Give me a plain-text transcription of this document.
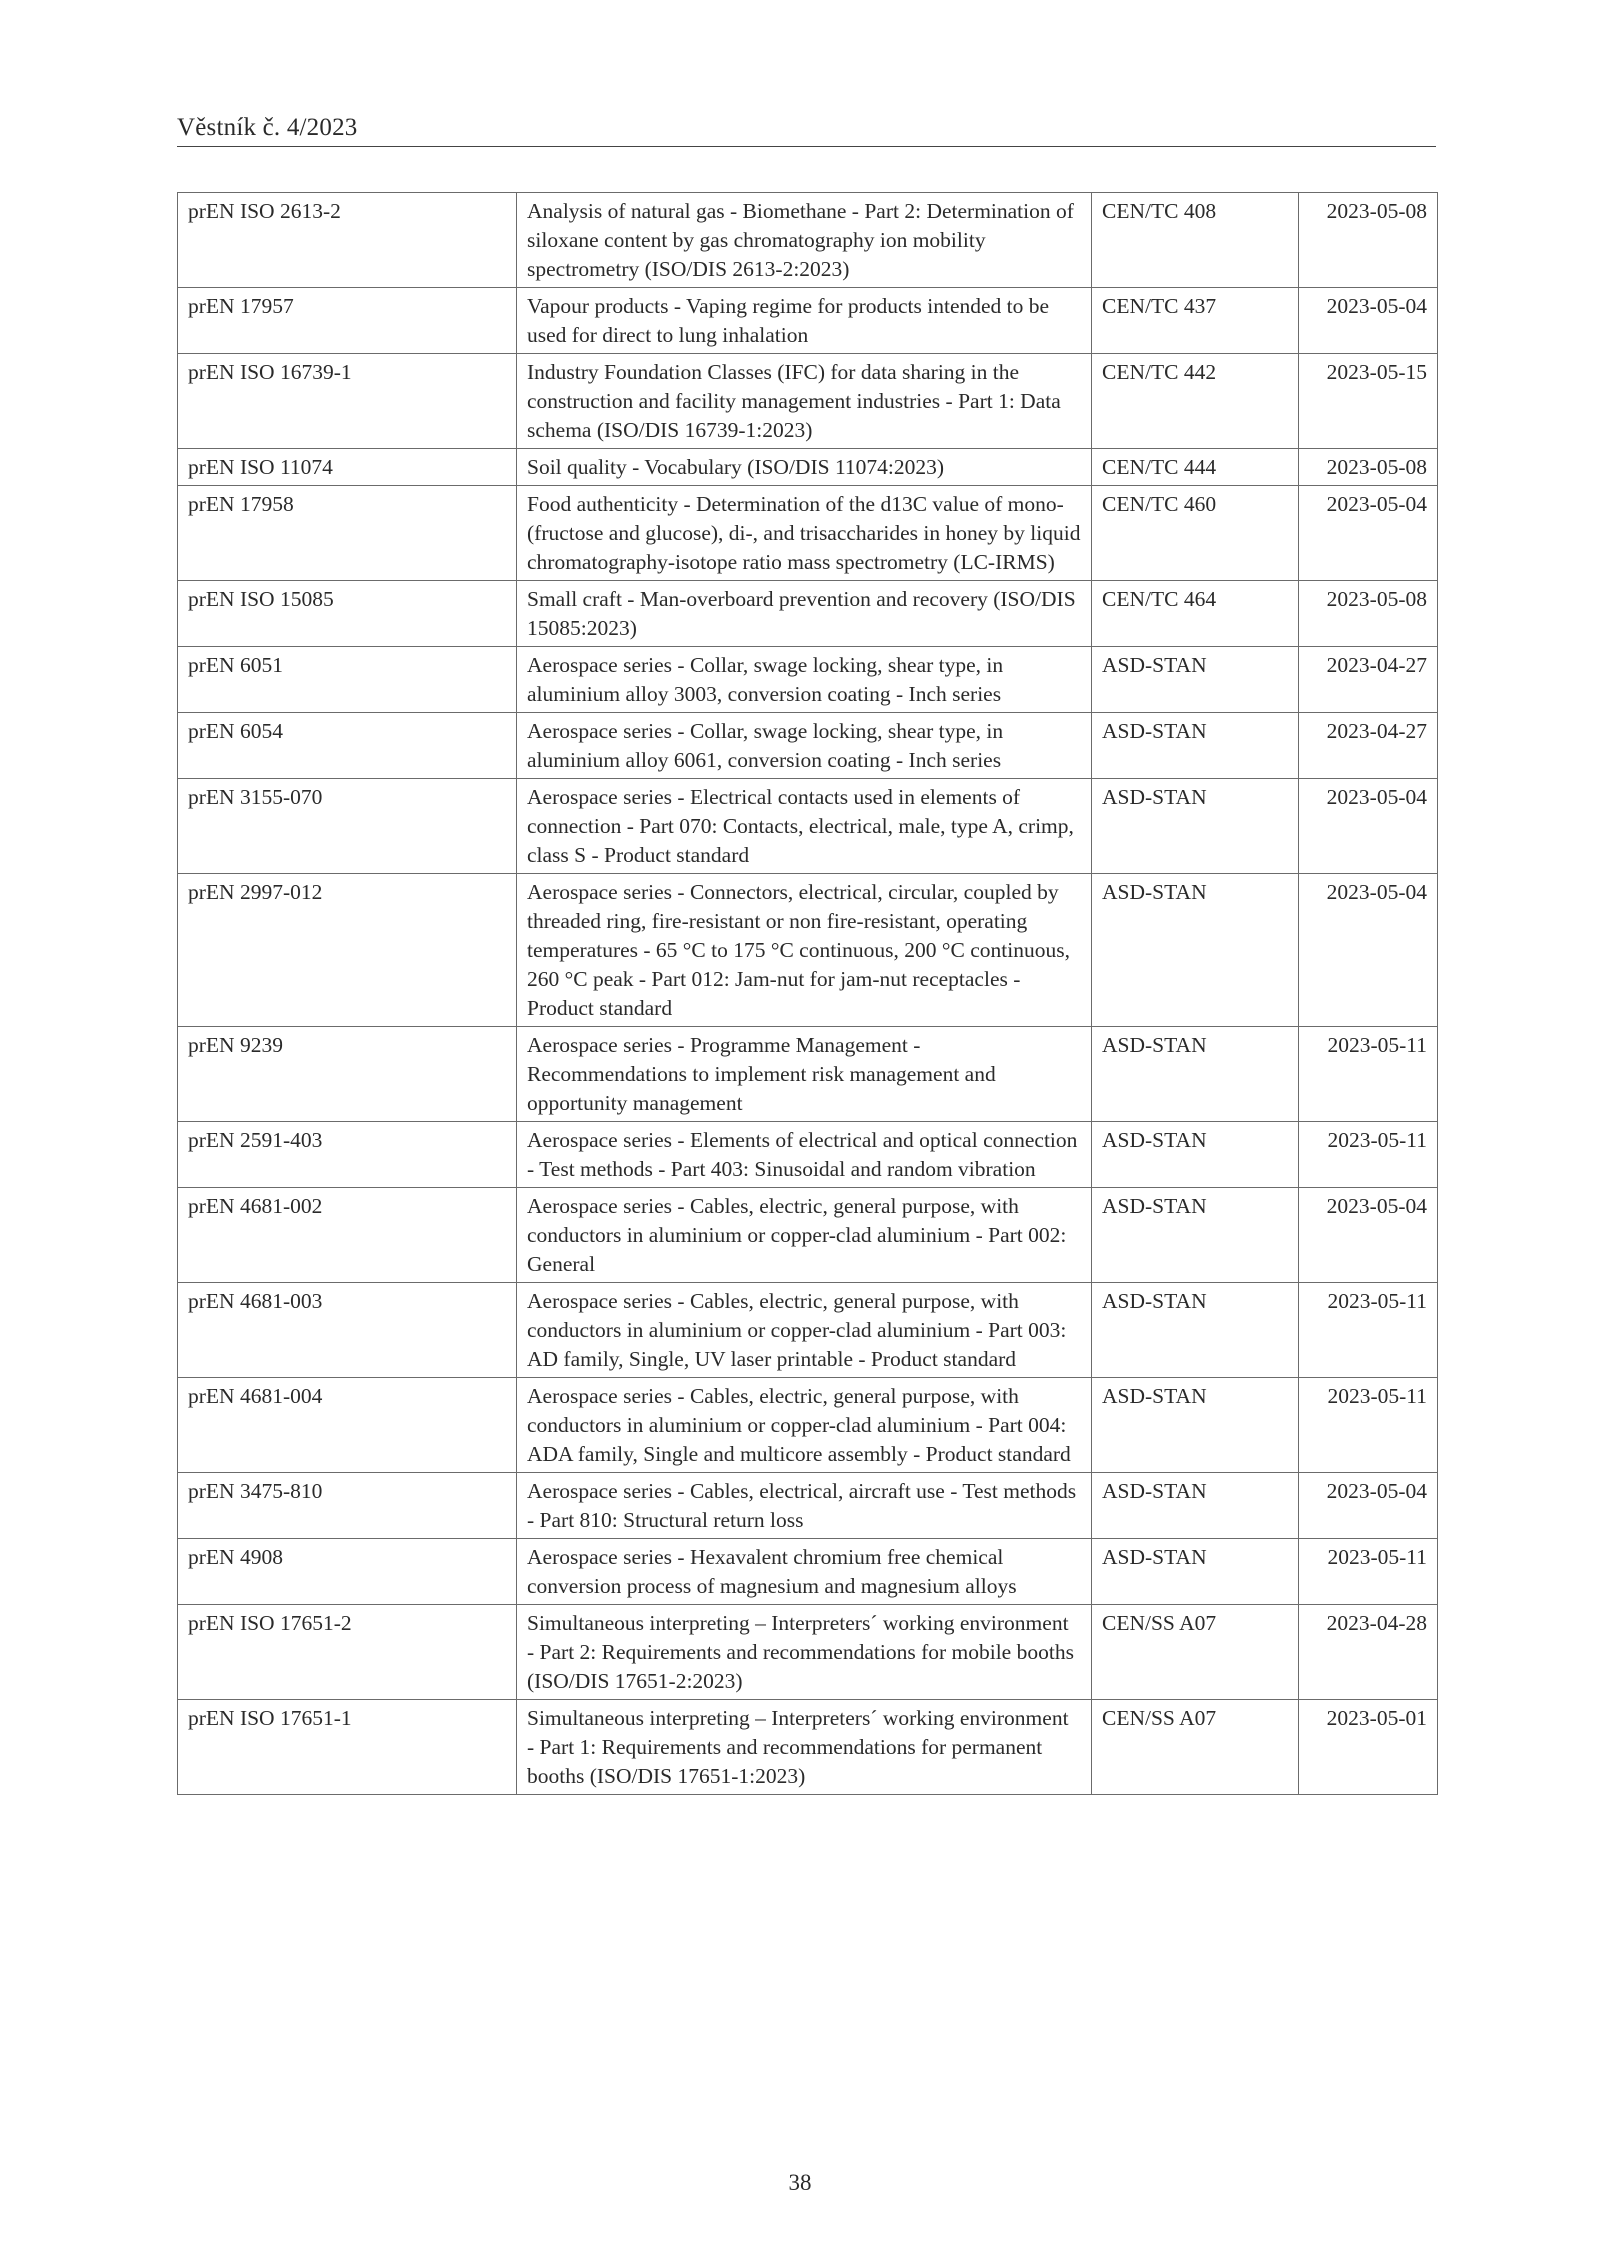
Věstník č. 4/2023
prEN ISO 2613-2	Analysis of natural gas - Biomethane - Part 2: Determination of siloxane content by gas chromatography ion mobility spectrometry (ISO/DIS 2613-2:2023)	CEN/TC 408	2023-05-08
prEN 17957	Vapour products - Vaping regime for products intended to be used for direct to lung inhalation	CEN/TC 437	2023-05-04
prEN ISO 16739-1	Industry Foundation Classes (IFC) for data sharing in the construction and facility management industries - Part 1: Data schema (ISO/DIS 16739-1:2023)	CEN/TC 442	2023-05-15
prEN ISO 11074	Soil quality - Vocabulary (ISO/DIS 11074:2023)	CEN/TC 444	2023-05-08
prEN 17958	Food authenticity - Determination of the d13C value of mono- (fructose and glucose), di-, and trisaccharides in honey by liquid chromatography-isotope ratio mass spectrometry (LC-IRMS)	CEN/TC 460	2023-05-04
prEN ISO 15085	Small craft - Man-overboard prevention and recovery (ISO/DIS 15085:2023)	CEN/TC 464	2023-05-08
prEN 6051	Aerospace series - Collar, swage locking, shear type, in aluminium alloy 3003, conversion coating - Inch series	ASD-STAN	2023-04-27
prEN 6054	Aerospace series - Collar, swage locking, shear type, in aluminium alloy 6061, conversion coating - Inch series	ASD-STAN	2023-04-27
prEN 3155-070	Aerospace series - Electrical contacts used in elements of connection - Part 070: Contacts, electrical, male, type A, crimp, class S - Product standard	ASD-STAN	2023-05-04
prEN 2997-012	Aerospace series - Connectors, electrical, circular, coupled by threaded ring, fire-resistant or non fire-resistant, operating temperatures - 65 °C to 175 °C continuous, 200 °C continuous, 260 °C peak - Part 012: Jam-nut for jam-nut receptacles - Product standard	ASD-STAN	2023-05-04
prEN 9239	Aerospace series - Programme Management - Recommendations to implement risk management and opportunity management	ASD-STAN	2023-05-11
prEN 2591-403	Aerospace series - Elements of electrical and optical connection - Test methods - Part 403: Sinusoidal and random vibration	ASD-STAN	2023-05-11
prEN 4681-002	Aerospace series - Cables, electric, general purpose, with conductors in aluminium or copper-clad aluminium - Part 002: General	ASD-STAN	2023-05-04
prEN 4681-003	Aerospace series - Cables, electric, general purpose, with conductors in aluminium or copper-clad aluminium - Part 003: AD family, Single, UV laser printable - Product standard	ASD-STAN	2023-05-11
prEN 4681-004	Aerospace series - Cables, electric, general purpose, with conductors in aluminium or copper-clad aluminium - Part 004: ADA family, Single and multicore assembly - Product standard	ASD-STAN	2023-05-11
prEN 3475-810	Aerospace series - Cables, electrical, aircraft use - Test methods - Part 810: Structural return loss	ASD-STAN	2023-05-04
prEN 4908	Aerospace series - Hexavalent chromium free chemical conversion process of magnesium and magnesium alloys	ASD-STAN	2023-05-11
prEN ISO 17651-2	Simultaneous interpreting – Interpreters´ working environment - Part 2: Requirements and recommendations for mobile booths (ISO/DIS 17651-2:2023)	CEN/SS A07	2023-04-28
prEN ISO 17651-1	Simultaneous interpreting – Interpreters´ working environment - Part 1: Requirements and recommendations for permanent booths (ISO/DIS 17651-1:2023)	CEN/SS A07	2023-05-01
38
